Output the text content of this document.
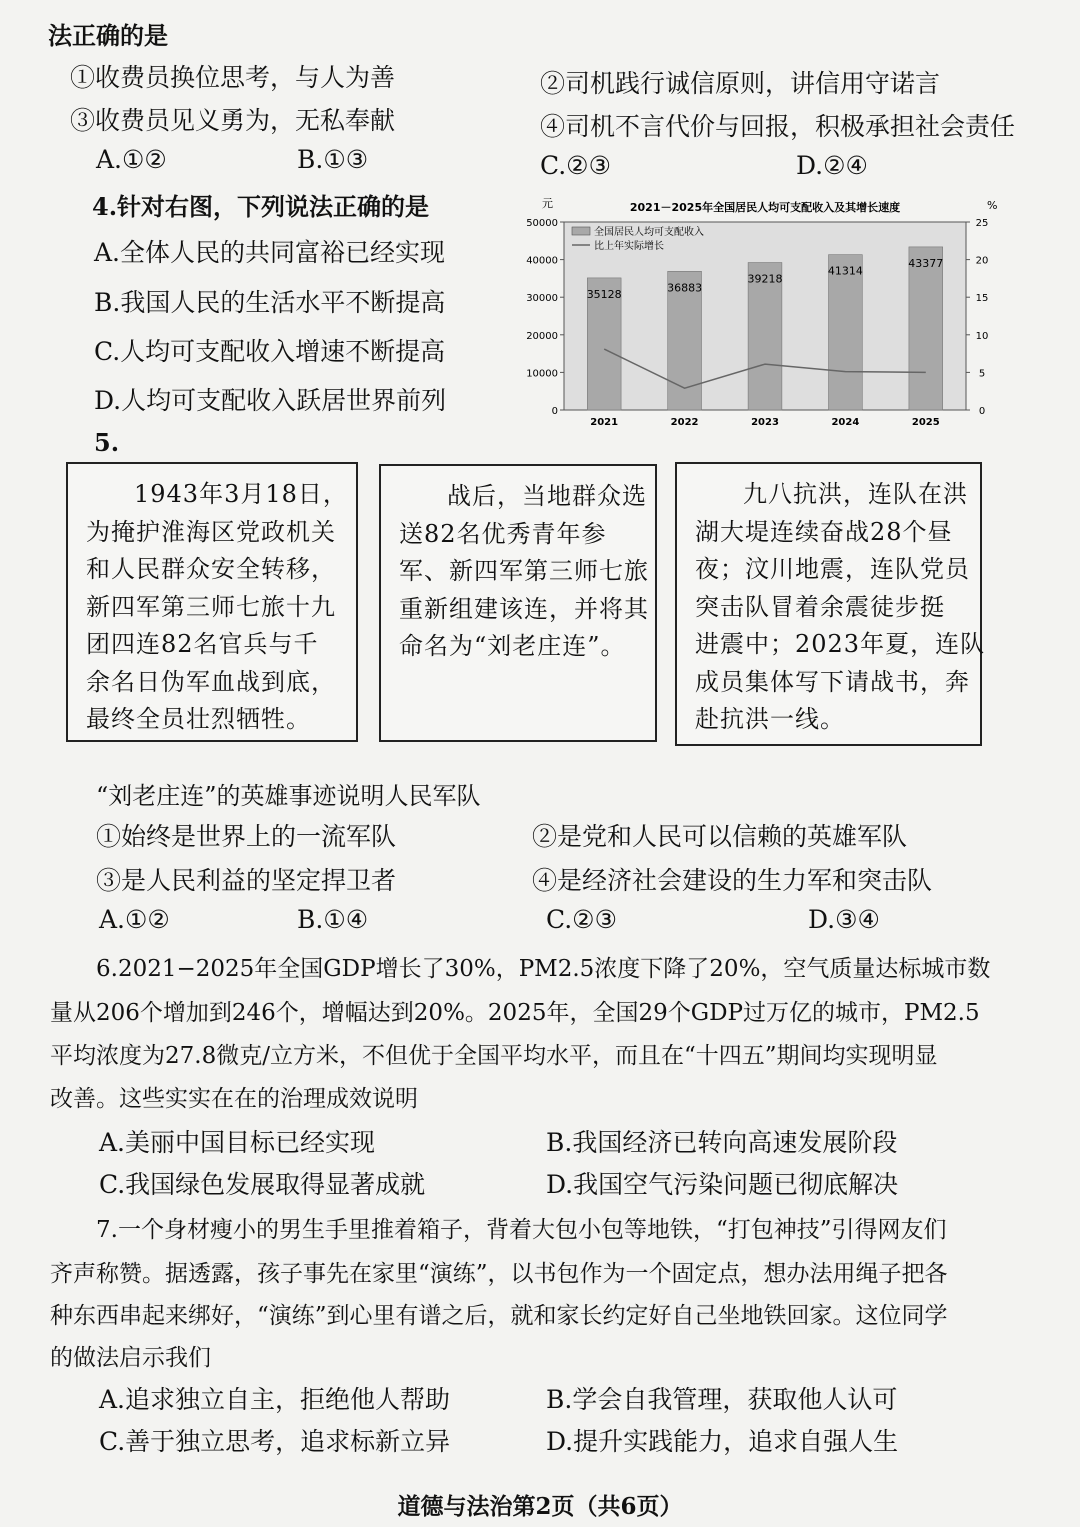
法正确的是
①收费员换位思考，与人为善	②司机践行诚信原则，讲信用守诺言
③收费员见义勇为，无私奉献	④司机不言代价与回报，积极承担社会责任
A.①②	B.①③	C.②③	D.②④
4.针对右图，下列说法正确的是
A.全体人民的共同富裕已经实现
B.我国人民的生活水平不断提高
C.人均可支配收入增速不断提高
D.人均可支配收入跃居世界前列
2021－2025年全国居民人均可支配收入及其增长速度
元	%
0
10000
20000
30000
40000
50000
0
5
10
15
20
25
35128
2021
36883
2022
39218
2023
41314
2024
43377
2025
全国居民人均可支配收入
比上年实际增长
5.

1943年3月18日，

为掩护淮海区党政机关

和人民群众安全转移，

新四军第三师七旅十九

团四连82名官兵与千

余名日伪军血战到底，

最终全员壮烈牺牲。

战后，当地群众选

送82名优秀青年参

军、新四军第三师七旅

重新组建该连，并将其

命名为“刘老庄连”。

九八抗洪，连队在洪

湖大堤连续奋战28个昼

夜；汶川地震，连队党员

突击队冒着余震徒步挺

进震中；2023年夏，连队

成员集体写下请战书，奔

赴抗洪一线。

“刘老庄连”的英雄事迹说明人民军队
①始终是世界上的一流军队	②是党和人民可以信赖的英雄军队
③是人民利益的坚定捍卫者	④是经济社会建设的生力军和突击队
A.①②	B.①④	C.②③	D.③④
6.2021−2025年全国GDP增长了30%，PM2.5浓度下降了20%，空气质量达标城市数
量从206个增加到246个，增幅达到20%。2025年，全国29个GDP过万亿的城市，PM2.5
平均浓度为27.8微克/立方米，不但优于全国平均水平，而且在“十四五”期间均实现明显
改善。这些实实在在的治理成效说明
A.美丽中国目标已经实现	B.我国经济已转向高速发展阶段
C.我国绿色发展取得显著成就	D.我国空气污染问题已彻底解决
7.一个身材瘦小的男生手里推着箱子，背着大包小包等地铁，“打包神技”引得网友们
齐声称赞。据透露，孩子事先在家里“演练”，以书包作为一个固定点，想办法用绳子把各
种东西串起来绑好，“演练”到心里有谱之后，就和家长约定好自己坐地铁回家。这位同学
的做法启示我们
A.追求独立自主，拒绝他人帮助	B.学会自我管理，获取他人认可
C.善于独立思考，追求标新立异	D.提升实践能力，追求自强人生
道德与法治第2页（共6页）
